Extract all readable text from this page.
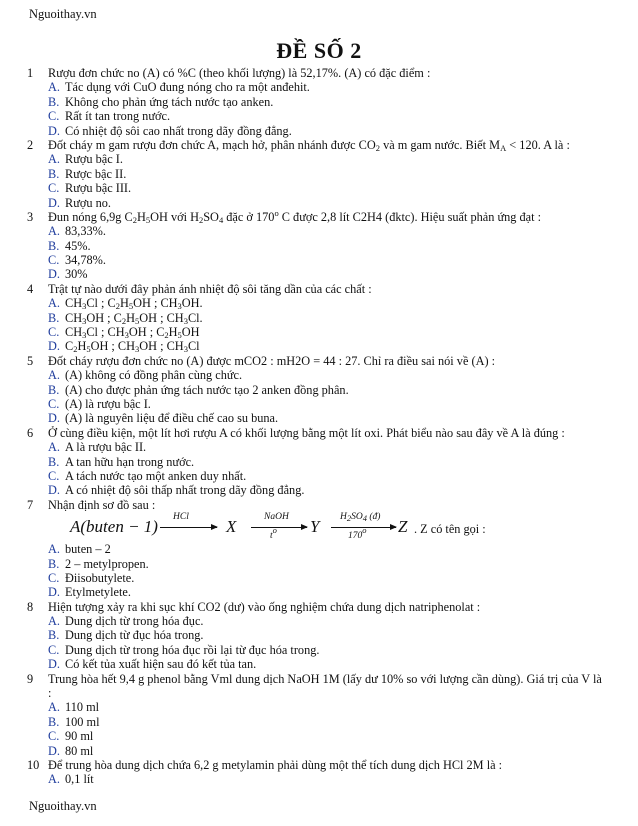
Nguoithay.vn
ĐỀ SỐ 2
1	Rượu đơn chức no (A) có %C (theo khối lượng) là 52,17%. (A) có đặc điểm :
A. Tác dụng với CuO đung nóng cho ra một anđehit.
B. Không cho phản ứng tách nước tạo anken.
C. Rất ít tan trong nước.
D. Có nhiệt độ sôi cao nhất trong dãy đồng đẳng.
2	Đốt cháy m gam rượu đơn chức A, mạch hở, phân nhánh được $CO_2$ và m gam nước. Biết $M_A < 120$. A là :
A. Rượu bậc I.
B. Rược bậc II.
C. Rượu bậc III.
D. Rượu no.
3	Đun nóng 6,9g $C_2H_5OH$ với $H_2SO_4$ đặc ở 170$^o$ C được 2,8 lít C2H4 (đktc). Hiệu suất phản ứng đạt :
A. 83,33%.
B. 45%.
C. 34,78%.
D. 30%
4	Trật tự nào dưới đây phản ánh nhiệt độ sôi tăng dần của các chất :
A. $CH_3Cl$ ; $C_2H_5OH$ ; $CH_3OH$.
B. $CH_3OH$ ; $C_2H_5OH$ ; $CH_3Cl$.
C. $CH_3Cl$ ; $CH_3OH$ ; $C_2H_5OH$
D. $C_2H_5OH$ ; $CH_3OH$ ; $CH_3Cl$
5	Đốt cháy rượu đơn chức no (A) được mCO2 : mH2O = 44 : 27. Chỉ ra điều sai nói về (A) :
A. (A) không có đồng phân cùng chức.
B. (A) cho được phản ứng tách nước tạo 2 anken đồng phân.
C. (A) là rượu bậc I.
D. (A) là nguyên liệu để điều chế cao su buna.
6	Ở cùng điều kiện, một lít hơi rượu A có khối lượng bằng một lít oxi. Phát biểu nào sau đây về A là đúng :
A. A là rượu bậc II.
B. A tan hữu hạn trong nước.
C. A tách nước tạo một anken duy nhất.
D. A có nhiệt độ sôi thấp nhất trong dãy đồng đẳng.
7	Nhận định sơ đồ sau :
A(buten − 1) HCl X	NaOH
$t^o$ Y $H_2SO_4$ (đ)
170$^o$ Z . Z có tên gọi :
A. buten – 2
B. 2 – metylpropen.
C. Điisobutylete.
D. Etylmetylete.
8	Hiện tượng xảy ra khi sục khí CO2 (dư) vào ống nghiệm chứa dung dịch natriphenolat :
A. Dung dịch từ trong hóa đục.
B. Dung dịch từ đục hóa trong.
C. Dung dịch từ trong hóa đục rồi lại từ đục hóa trong.
D. Có kết tủa xuất hiện sau đó kết tủa tan.
9	Trung hòa hết 9,4 g phenol bằng Vml dung dịch NaOH 1M (lấy dư 10% so với lượng cần dùng). Giá trị của V là :
A. 110 ml
B. 100 ml
C. 90 ml
D. 80 ml
10 Để trung hòa dung dịch chứa 6,2 g metylamin phải dùng một thể tích dung dịch HCl 2M là :
A. 0,1 lít
Nguoithay.vn
